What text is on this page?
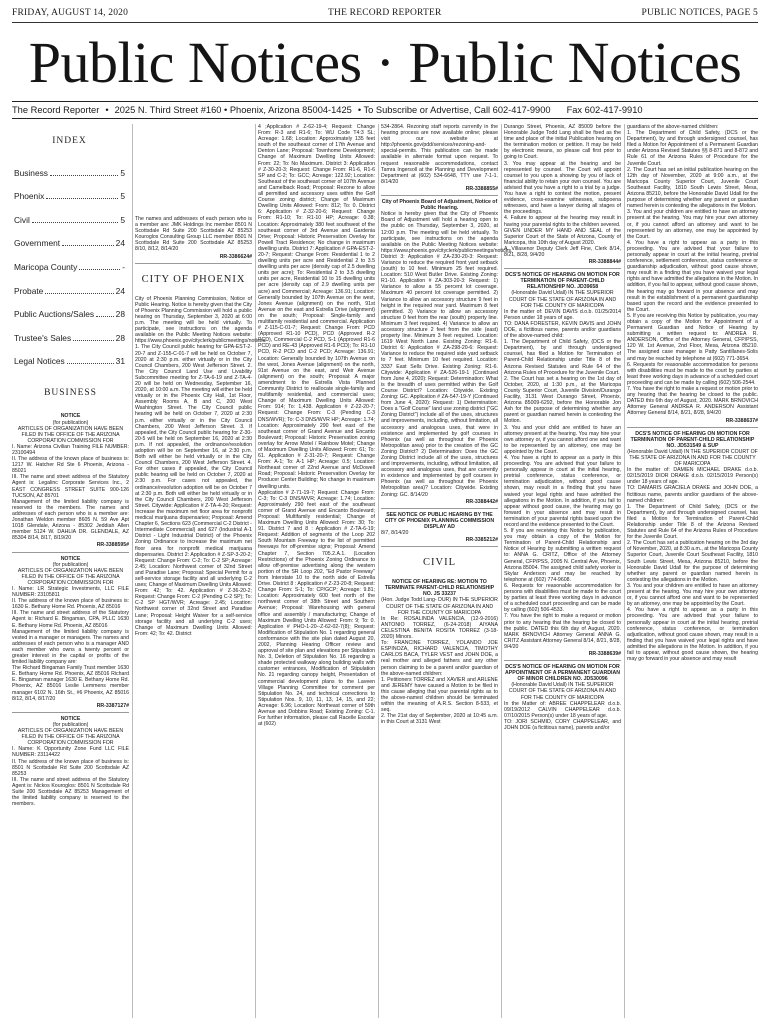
FRIDAY, AUGUST 14, 2020	THE RECORD REPORTER	PUBLIC NOTICES, PAGE 5
Public Notices · Public Notices
The Record Reporter • 2025 N. Third Street #160 • Phoenix, Arizona 85004-1425 • To Subscribe or Advertise, Call 602-417-9900 Fax 602-417-9910
INDEX
Business	5
Phoenix	5
Civil	5
Government	24
Maricopa County	-
Probate	24
Public Auctions/Sales	28
Trustee's Sales	28
Legal Notices	31
BUSINESS
NOTICE
(for publication)
ARTICLES OF ORGANIZATION HAVE BEEN FILED IN THE OFFICE OF THE ARIZONA CORPORATION COMMISSION FOR

I. Name: Arizona Civilian Training FILE NUMBER: 23100494

II. The address of the known place of business is: 1217 W. Hatcher Rd Ste 6 Phoenix, Arizona - 85021

III. The name and street address of the Statutory Agent is: Legalinc Corporate Services Inc., 2 EAST CONGRESS STREET SUITE 900-126 TUCSON, AZ 85701

Management of the limited liability company is reserved to the members. The names and addresses of each person who is a member are: Jonathan Weldon member 8605 N. 59 Ave Apt 1018 Glendale, Arizona - 85302 Jeddiah Allen member 5124 W. DAHLIA DR. GLENDALE, AZ 85304 8/14, 8/17, 8/19/20

RR-3388595#
NOTICE
(for publication)
ARTICLES OF ORGANIZATION HAVE BEEN FILED IN THE OFFICE OF THE ARIZONA CORPORATION COMMISSION FOR

I. Name: LR Strategic Investments, LLC FILE NUMBER: 23105811

II. The address of the known place of business is: 1630 E. Bethany Home Rd. Phoenix, AZ 85016

III. The name and street address of the Statutory Agent is: Richard E. Bingaman, CPA, PLLC 1630 E. Bethany Home Rd. Phoenix, AZ 85016

Management of the limited liability company is vested in a manager or managers. The names and addresses of each person who is a manager AND each member who owns a twenty percent or greater interest in the capital or profits of the limited liability company are:

The Richard Bingaman Family Trust member 1630 E. Bethany Home Rd. Phoenix, AZ 85016 Richard E. Bingaman manager 1630 E. Bethany Home Rd. Phoenix, AZ 85016 Leslie Lemmens member manager 6102 N. 16th St., #6 Phoenix, AZ 85016 8/12, 8/14, 8/17/20

RR-3387127#
NOTICE
(for publication)
ARTICLES OF ORGANIZATION HAVE BEEN FILED IN THE OFFICE OF THE ARIZONA CORPORATION COMMISSION FOR

I. Name: K Opportunity Zone Fund LLC FILE NUMBER: 23114422

II. The address of the known place of business is: 8501 N Scottsdale Rd Suite 200 Scottsdale AZ 85253

III. The name and street address of the Statutory Agent is: Nickos Kouroglos: 8501 N Scottsdale Rd Suite 200 Scottsdale AZ 85253 Management of the limited liability company is reserved to the members.

The names and addresses of each person who is a member are: JMK Holdings Inc member 8501 N Scottsdale Rd Suite 200 Scottsdale AZ 85253 Kouroglos Consulting Group LLC member 8501 N Scottsdale Rd Suite 200 Scottsdale AZ 85253 8/10, 8/12, 8/14/20

RR-3386624#
CITY OF PHOENIX

City of Phoenix Planning Commission, Notice of Public Hearing. Notice is hereby given that the City of Phoenix Planning Commission will hold a public hearing on Thursday, September 3, 2020 at 6:00 p.m. The meeting will be held virtually. To participate, see instructions on the agenda available on the Public Meeting Notices website: https://www.phoenix.gov/cityclerk/publicmeetings/notices. 1. The City Council public hearing for GPA-EST-2-20-7 and Z-155-C-01-7 will be held on October 7, 2020 at 2:30 p.m. either virtually or in the City Council Chambers, 200 West Jefferson Street. 2. The City Council Land Use and Livability Subcommittee meeting for Z-TA-6-19 and Z-TA-4-20 will be held on Wednesday, September 16, 2020, at 10:00 a.m. The meeting will either be held virtually or in the Phoenix City Hall, 1st Floor, Assembly Rooms A, B and C, 200 West Washington Street. The City Council public hearing will be held on October 7, 2020 at 2:30 p.m. either virtually or in the City Council Chambers, 200 West Jefferson Street. 3. If appealed, the City Council public hearing for Z-30-20-5 will be held on September 16, 2020 at 2:30 p.m. If not appealed, the ordinance/resolution adoption will be on September 16, at 2:30 p.m. Both will either be held virtually or in the City Council Chambers, 200 West Jefferson Street. 4. For other cases if appealed, the City Council public hearing will be held on October 7, 2020 at 2:30 p.m. For cases not appealed, the ordinance/resolution adoption will be on October 7 at 2:30 p.m. Both will either be held virtually or in the City Council Chambers, 200 West Jefferson Street. Citywide: Application # Z-TA-4-20; Request: Increase the maximum net floor area for nonprofit medical marijuana dispensaries; Proposal: Amend Chapter 6, Sections 623 (Commercial C-2 District - Intermediate Commercial) and 627 (Industrial A-1 District - Light Industrial District) of the Phoenix Zoning Ordinance to increase the maximum net floor area for nonprofit medical marijuana dispensaries. District 2: Application # Z-SP-3-20-2; Request: Change From: C-2; To: C-2 SP; Acreage: 2.45; Location: Northwest corner of 32nd Street and Paradise Lane; Proposal: Special Permit for a self-service storage facility and all underlying C-2 uses; Change of Maximum Dwelling Units Allowed: From: 42; To: 42. Application # Z-36-20-2; Request: Change From: C-2 (Pending C-2 SP); To: C-2 SP HGT/WVR; Acreage: 2.45; Location: Northwest corner of 32nd Street and Paradise Lane; Proposal: Height Waiver for a self-service storage facility and all underlying C-2 uses; Change of Maximum Dwelling Units Allowed: From: 42; To: 42. District

4 ;Application # Z-62-19-4; Request: Change From: R-3 and R1-6; To: WU Code T4:3 SL; Acreage: 1.68; Location: Approximately 135 feet south of the southeast corner of 17th Avenue and Denton Lane; Proposal: Townhome Development; Change of Maximum Dwelling Units Allowed: From: 22; To: No Maximum. District 3: Application # Z-30-20-3; Request: Change From: R1-6, R1-6 SP and C-2; To: GCC; Acreage: 122.92; Location: Southeast of the southeast corner of 107th Avenue and Camelback Road; Proposal: Rezone to allow all permitted and accessory uses within the Golf Course zoning district; Change of Maximum Dwelling Units Allowed: From: 812; To: 0. District 6: Application # Z-32-20-6; Request: Change From: R1-10; To: R1-10 HP; Acreage: 0.38; Location: Approximately 380 feet southwest of the southeast corner of 3rd Avenue and Gardenia Drive; Proposal: Historic Preservation Overlay for Powell Tract Residence; No change in maximum dwelling units. District 7: Application # GPA-EST-2-20-7; Request: Change From: Residential 1 to 2 dwelling units per acre and Residential 2 to 3.5 dwelling units per acre (density cap of 2.5 dwelling units per acre); To: Residential 2 to 3.5 dwelling units per acre, Residential 10 to 15 dwelling units per acre (density cap of 2.9 dwelling units per acre) and Commercial; Acreage: 136.91; Location: Generally bounded by 107th Avenue on the west, Jones Avenue (alignment) on the north, 91st Avenue on the east and Estrella Drive (alignment) on the south; Proposal: Single-family and multifamily residential and commercial. Application # Z-115-C-01-7; Request: Change From: PCD (Approved R1-10 PCD), PCD (Approved R-2 PCD), Commercial C-2 PCD, S-1 (Approved R1-6 PCD) and RE-43 (Approved R1-6 PCD); To: R1-10 PCD, R-2 PCD and C-2 PCD; Acreage: 136.91; Location: Generally bounded by 107th Avenue on the west, Jones Avenue (alignment) on the north, 91st Avenue on the east, and Weir Avenue (alignment) on the south; Proposal: A major amendment to the Estrella Vista Planned Community District to reallocate single-family and multifamily residential, and commercial uses; Change of Maximum Dwelling Units Allowed: From: 914; To: 1,438. Application # Z-22-20-7; Request: Change From: C-3 (Pending C-3 DNS/WVR); To: C-3 DNS/WVR HP; Acreage: 1.74; Location: Approximately 290 feet east of the southeast corner of Grand Avenue and Encanto Boulevard; Proposal: Historic Preservation zoning overlay for Arrow Motel / Rainbow Motel; Change of Maximum Dwelling Units Allowed: From: 61; To: 61. Application # Z-31-20-7; Request: Change From: A-1; To: A-1 HP; Acreage: 0.5; Location: Northeast corner of 22nd Avenue and McDowell Road; Proposal: Historic Preservation Overlay for Producer Center Building; No change in maximum dwelling units.

Application # Z-71-19-7; Request: Change From: C-3; To: C-3 DNS/WVR; Acreage: 1.74; Location: Approximately 290 feet east of the southeast corner of Grand Avenue and Encanto Boulevard; Proposal: Multifamily residential; Change of Maximum Dwelling Units Allowed: From: 30; To: 91. District 7 and 8 : Application # Z-TA-6-19; Request: Addition of segments of the Loop 202 South Mountain Freeway to the list of permitted freeways for off-premise signs; Proposal: Amend Chapter 7, Section 705.2.A.1. (Location Restrictions) of the Phoenix Zoning Ordinance to allow off-premise advertising along the western portion of the SR Loop 202, "Ed Pastor Freeway" from Interstate 10 to the north side of Estrella Drive. District 8 : Application # Z-23-20-8; Request: Change From: S-1; To: CP/GCP; Acreage: 9.81; Location: Approximately 600 feet north of the northwest corner of 38th Street and Southern Avenue; Proposal: Warehousing with general office and assembly / manufacturing; Change of Maximum Dwelling Units Allowed: From: 9; To: 0. Application # PHO-1-20--Z-62-02-7(8); Request: Modification of Stipulation No. 1 regarding general conformance with the site plan dated August 20, 2002, Planning Hearing Officer review and approval of site plan and elevations per Stipulation No. 3, Deletion of Stipulation No. 16 regarding a shade protected walkway along building walls with customer entrances, Modification of Stipulation No. 21 regarding canopy height, Presentation of commercial development plans to the Laveen Village Planning Committee for comment per Stipulation No. 24, and technical corrections to Stipulation Nos. 9, 10, 11, 13, 14, 15, and 22; Acreage: 6.96; Location: Northeast corner of 59th Avenue and Dobbins Road; Existing Zoning: C-1. For further information, please call Racelle Escolar at (602)

534-2864. Rezoning staff reports currently in the hearing process are now available online; please visit our website at http://phoenix.gov/pdd/services/rezoning-and-special-permits. This publication can be made available in alternate format upon request. To request reasonable accommodations, contact Tamra Ingersoll at the Planning and Development Department at (602) 534-6648, TTY use 7-1-1. 8/14/20

RR-3388855#
City of Phoenix Board of Adjustment, Notice of Public Hearing.

Notice is hereby given that the City of Phoenix Board of Adjustment will hold a hearing open to the public on Thursday, September 3, 2020, at 12:00 p.m. The meeting will be held virtually. To participate, see instructions on the agenda available on the Public Meeting Notices website: https://www.phoenix.gov/cityclerk/publicmeetings/notices. District 3: Application # ZA-230-20-3: Request: Variance to reduce the required front yard setback (south) to 10 feet. Minimum 25 feet required. Location: 510 West Butler Drive. Existing Zoning: R1-10. Application # ZA-303-20-3: Request: 1) Variance to allow a 55 percent lot coverage. Maximum 40 percent lot coverage permitted. 2) Variance to allow an accessory structure 9 feet in height in the required rear yard. Maximum 8 feet permitted. 3) Variance to allow an accessory structure 0 feet from the rear (south) property line. Minimum 3 feet required. 4) Variance to allow an accessory structure 2 feet from the side (east) property line. Minimum 3 feet required. Location: 1619 West North Lane. Existing Zoning: R1-6. District 6: Application # ZA-298-20-6: Request: Variance to reduce the required side yard setback to 7 feet. Minimum 10 feet required. Location: 3337 East Sells Drive. Existing Zoning: R1-6. Citywide: Application # ZA-526-19-1 (Continued from June 4, 2020): Request: Determination: What is the breadth of uses permitted within the Golf Course District? Location: Citywide. Existing Zoning: GC. Application # ZA-547-19-Y (Continued from June 4, 2020): Request: 1) Determination: Does a "Golf Course" land use zoning district ("GC Zoning District") include all of the uses, structures and improvements, including, without limitation, all accessory and analogous uses, that were in existence and implemented by golf courses in Phoenix (as well as throughout the Phoenix Metropolitan area) prior to the creation of the GC Zoning District? 2) Determination: Does the GC Zoning District include all of the uses, structures and improvements, including, without limitation, all accessory and analogous uses, that are currently in existence and implemented by golf courses in Phoenix (as well as throughout the Phoenix Metropolitan area)? Location: Citywide. Existing Zoning: GC. 8/14/20

RR-3388442#
SEE NOTICE OF PUBLIC HEARING BY THE CITY OF PHOENIX PLANNING COMMISSION DISPLAY AD

8/7, 8/14/20

RR-3385212#
CIVIL
NOTICE OF HEARING RE: MOTION TO TERMINATE PARENT-CHILD RELATIONSHIP NO. JS 33237
(Hon. Judge Todd Lang- DUR) IN THE SUPERIOR COURT OF THE STATE OF ARIZONA IN AND FOR THE COUNTY OF MARICOPA

In Re: ROSALINDA VALENCIA, (12-9-2016) ANTONIO TORREZ, (6-24-2018) AIYANA CELESTINA BENITA ROSITA TORREZ (3-18-2020) Minors.

To: FRANCINE TORREZ, YOLANDO JOE ESPINOZA, RICHARD VALENCIA, TIMOTHY CARLOS BACA, TYLER VEST and JOHN DOE, a real mother and alleged fathers and any other person claiming to be a parent and/or guardian of the above-named children:

1. Petitioners TORREZ and XAVIER and ARLENE and JEREMY have caused a Motion to be filed in this cause alleging that your parental rights as to the above-named children should be terminated within the meaning of A.R.S. Section 8-533, et seq.

2. The 21st day of September, 2020 at 10:45 a.m. in this Court at 3131 West

Durango Street, Phoenix, AZ 85009 before the Honorable Judge Todd Lang shall be fixed as the time and place of the initial Publication hearing on the termination motion or petition. It may be held by electronic means, so please call first prior to going to Court.

3. You may appear at the hearing and be represented by counsel. The Court will appoint counsel to you upon a showing by you of lack of financial ability to retain your own counsel. You are advised that you have a right to a trial by a judge. You have a right to contest the motion, present evidence, cross-examine witnesses, subpoena witnesses, and have a lawyer during all stages of the proceedings.

4. Failure to appear at the hearing may result in having your parental rights to the children severed.

GIVEN UNDER MY HAND AND SEAL of the Superior Court of the State of Arizona, County of Maricopa, this 10th day of August 2020.

A. Villasenor Deputy Clerk Jeff Fine, Clerk 8/14, 8/21, 8/28, 9/4/20

RR-3388844#
DCS'S NOTICE OF HEARING ON MOTION FOR TERMINATION OF PARENT-CHILD RELATIONSHIP NO. JD39658
(Honorable David Udall) IN THE SUPERIOR COURT OF THE STATE OF ARIZONA IN AND FOR THE COUNTY OF MARICOPA

In the matter of: DEVIN DAVIS d.o.b. 01/25/2014 Person under 18 years of age.

TO: DANA FORESTER, KEVIN DAVIS and JOHN DOE, a fictitious name, parents and/or guardians of the above-named child:

1. The Department of Child Safety, (DCS or the Department), by and through undersigned counsel, has filed a Motion for Termination of Parent-Child Relationship under Title 8 of the Arizona Revised Statutes and Rule 64 of the Arizona Rules of Procedure for the Juvenile Court.

2. The Court has set a hearing on the 1st day of October, 2020, at 1:30 p.m., at the Maricopa County Superior Court, Juvenile Division/Durango Facility, 3131 West Durango Street, Phoenix, Arizona 85009-6292, before the Honorable Jon Ash for the purpose of determining whether any parent or guardian named herein is contesting the Motion.

3. You and your child are entitled to have an attorney present at the hearing. You may hire your own attorney or, if you cannot afford one and want to be represented by an attorney, one may be appointed by the Court.

4. You have a right to appear as a party in this proceeding. You are advised that your failure to personally appear in court at the initial hearing, pretrial conference, status conference, or termination adjudication, without good cause shown, may result in a finding that you have waived your legal rights and have admitted the allegations in the Motion. In addition, if you fail to appear without good cause, the hearing may go forward in your absence and may result in termination of your parental rights based upon the record and the evidence presented to the Court.

5. If you are receiving this Notice by publication, you may obtain a copy of the Motion for Termination of Parent-Child Relationship and Notice of Hearing by submitting a written request to: ANNA G. CRITZ, Office of the Attorney General, CFP/PSS, 2005 N. Central Ave, Phoenix, Arizona 85004. The assigned child safety worker is Skylar Anderson and may be reached by telephone at (602) 774-9608.

6. Requests for reasonable accommodation for persons with disabilities must be made to the court by parties at least three working days in advance of a scheduled court proceeding and can be made by calling (602) 506-4533.

7. You have the right to make a request or motion prior to any hearing that the hearing be closed to the public. DATED this 6th day of August, 2020. MARK BRNOVICH Attorney General ANNA G. CRITZ Assistant Attorney General 8/14, 8/21, 8/28, 9/4/20

RR-3388639#
DCS'S NOTICE OF HEARING ON MOTION FOR APPOINTMENT OF A PERMANENT GUARDIAN OF MINOR CHILDREN NO. JD530096
(Honorable David Udall) IN THE SUPERIOR COURT OF THE STATE OF ARIZONA IN AND FOR THE COUNTY OF MARICOPA

In the Matter of: ABREE CHAPPELEAR d.o.b. 09/19/2012 CALVIN CHAPPELEAR d.o.b. 07/10/2015 Person(s) under 18 years of age.

TO: JORI SCHMID, CORY CHAPPELEAR, and JOHN DOE (a fictitious name), parents and/or

guardians of the above-named children:

1. The Department of Child Safety, (DCS or the Department), by and through undersigned counsel, has filed a Motion for Appointment of a Permanent Guardian under Arizona Revised Statutes §§ 8-871 and 8-872 and Rule 61 of the Arizona Rules of Procedure for the Juvenile Court.

2. The Court has set an initial publication hearing on the 12th day of November, 2020 at 9:00 a.m., at the Maricopa County Superior Court, Juvenile Court Southeast Facility, 1810 South Lewis Street, Mesa, Arizona 85210, before the Honorable David Udall for the purpose of determining whether any parent or guardian named herein is contesting the allegations in the Motion.

3. You and your children are entitled to have an attorney present at the hearing. You may hire your own attorney or, if you cannot afford an attorney and want to be represented by an attorney, one may be appointed by the Court.

4. You have a right to appear as a party in this proceeding. You are advised that your failure to personally appear in court at the initial hearing, pretrial conference, settlement conference, status conference or guardianship adjudication, without good cause shown, may result in a finding that you have waived your legal rights and have admitted the allegations in the Motion. In addition, if you fail to appear, without good cause shown, the hearing may go forward in your absence and may result in the establishment of a permanent guardianship based upon the record and the evidence presented to the Court.

5. If you are receiving this Notice by publication, you may obtain a copy of the Motion for Appointment of a Permanent Guardian and Notice of Hearing by submitting a written request to: ANDREA R. ANDERSON, Office of the Attorney General, CFP/PSS, 120 W. 1st Avenue, 2nd Floor, Mesa, Arizona 85210. The assigned case manager is Patty Santillanes-Solis and may be reached by telephone at (602) 771-3654.

6. Requests for reasonable accommodation for persons with disabilities must be made to the court by parties at least three working days in advance of a scheduled court proceeding and can be made by calling (602) 506-2544.

7. You have the right to make a request or motion prior to any hearing that the hearing be closed to the public. DATED this 6th day of August, 2020. MARK BRNOVICH Attorney General ANDREA R. ANDERSON Assistant Attorney General 8/14, 8/21, 8/28, 9/4/20

RR-3388637#
DCS'S NOTICE OF HEARING ON MOTION FOR TERMINATION OF PARENT-CHILD RELATIONSHIP NO. JD531549 & SUP
(Honorable David Udall) IN THE SUPERIOR COURT OF THE STATE OF ARIZONA IN AND FOR THE COUNTY OF MARICOPA

In the matter of: DAMIEN MICHAEL DRAKE d.o.b. 02/15/2019 DIOR DRAKE d.o.b. 02/15/2019 Person(s) under 18 years of age.

TO: DAMARIS GRACIELA DRAKE and JOHN DOE, a fictitious name, parents and/or guardians of the above-named children:

1. The Department of Child Safety, (DCS or the Department), by and through undersigned counsel, has filed a Motion for Termination of Parent-Child Relationship under Title 8 of the Arizona Revised Statutes and Rule 64 of the Arizona Rules of Procedure for the Juvenile Court.

2. The Court has set a publication hearing on the 3rd day of November, 2020, at 8:30 a.m., at the Maricopa County Superior Court, Juvenile Court Southeast Facility, 1810 South Lewis Street, Mesa, Arizona 85210, before the Honorable David Udall for the purpose of determining whether any parent or guardian named herein is contesting the allegations in the Motion.

3. You and your children are entitled to have an attorney present at the hearing. You may hire your own attorney or, if you cannot afford one and want to be represented by an attorney, one may be appointed by the Court.

4. You have a right to appear as a party in this proceeding. You are advised that your failure to personally appear in court at the initial hearing, pretrial conference, status conference, or termination adjudication, without good cause shown, may result in a finding that you have waived your legal rights and have admitted the allegations in the Motion. In addition, if you fail to appear, without good cause shown, the hearing may go forward in your absence and may result
